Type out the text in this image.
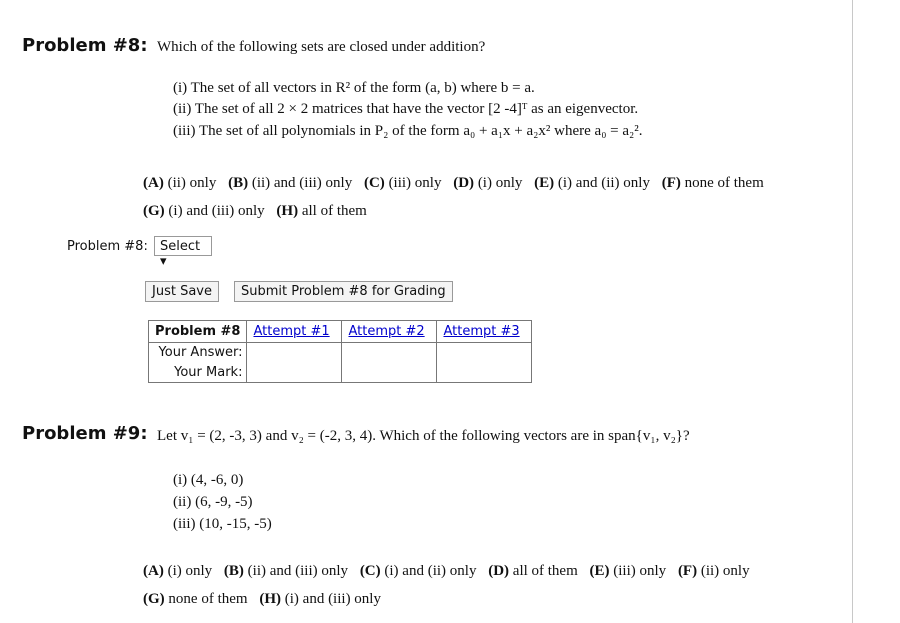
Problem #8: Which of the following sets are closed under addition?
(i) The set of all vectors in R² of the form (a, b) where b = a.
(ii) The set of all 2 × 2 matrices that have the vector [2 -4]ᵀ as an eigenvector.
(iii) The set of all polynomials in P₂ of the form a₀ + a₁x + a₂x² where a₀ = a₂².
(A) (ii) only (B) (ii) and (iii) only (C) (iii) only (D) (i) only (E) (i) and (ii) only (F) none of them
(G) (i) and (iii) only (H) all of them
Problem #8: Select ▾
Just Save	Submit Problem #8 for Grading
Problem #8	Attempt #1	Attempt #2	Attempt #3
Your Answer:			
Your Mark:			
Problem #9: Let v₁ = (2, -3, 3) and v₂ = (-2, 3, 4). Which of the following vectors are in span{v₁, v₂}?
(i) (4, -6, 0)
(ii) (6, -9, -5)
(iii) (10, -15, -5)
(A) (i) only (B) (ii) and (iii) only (C) (i) and (ii) only (D) all of them (E) (iii) only (F) (ii) only
(G) none of them (H) (i) and (iii) only
